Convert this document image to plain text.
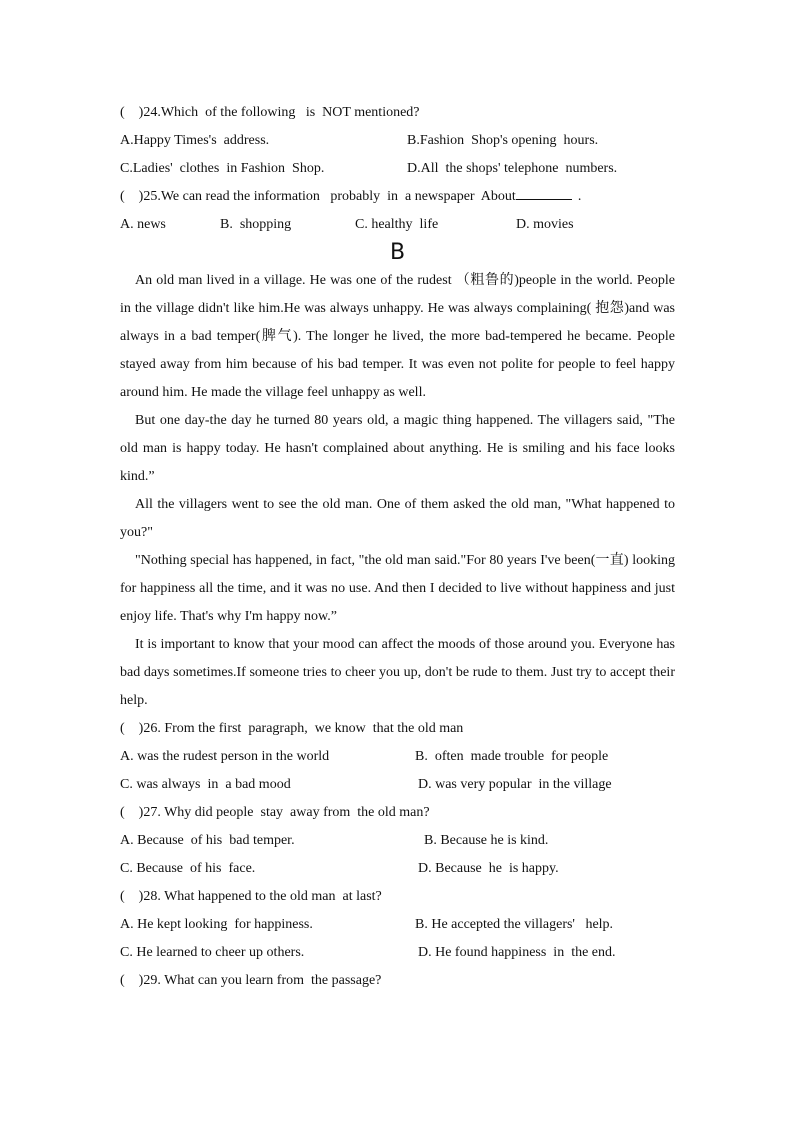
(    )24.Which  of the following   is  NOT mentioned?
A.Happy Times's  address.	B.Fashion  Shop's opening  hours.
C.Ladies'  clothes  in Fashion  Shop.	D.All  the shops' telephone  numbers.
(    )25.We can read the information   probably  in  a newspaper  About	.
A. news	B.  shopping	C. healthy  life	D. movies
B

An old man lived in a village. He was one of the rudest （粗鲁的)people in the world. People in the village didn't like him.He was always unhappy. He was always complaining( 抱怨)and was always in a bad temper(脾气). The longer he lived, the more bad-tempered he became. People stayed away from him because of his bad temper. It was even not polite for people to feel happy around him. He made the village feel unhappy as well.

But one day-the day he turned 80 years old, a magic thing happened. The villagers said, "The old man is happy today. He hasn't complained about anything. He is smiling and his face looks kind.”

All the villagers went to see the old man. One of them asked the old man, "What happened to you?"

"Nothing special has happened, in fact, "the old man said."For 80 years I've been(一直) looking for happiness all the time, and it was no use. And then I decided to live without happiness and just enjoy life. That's why I'm happy now.”

It is important to know that your mood can affect the moods of those around you. Everyone has bad days sometimes.If someone tries to cheer you up, don't be rude to them. Just try to accept their help.

(    )26. From the first  paragraph,  we know  that the old man
A. was the rudest person in the world	B.  often  made trouble  for people
C. was always  in  a bad mood	D. was very popular  in the village
(    )27. Why did people  stay  away from  the old man?
A. Because  of his  bad temper.	B. Because he is kind.
C. Because  of his  face.	D. Because  he  is happy.
(    )28. What happened to the old man  at last?
A. He kept looking  for happiness.	B. He accepted the villagers'   help.
C. He learned to cheer up others.	D. He found happiness  in  the end.
(    )29. What can you learn from  the passage?
